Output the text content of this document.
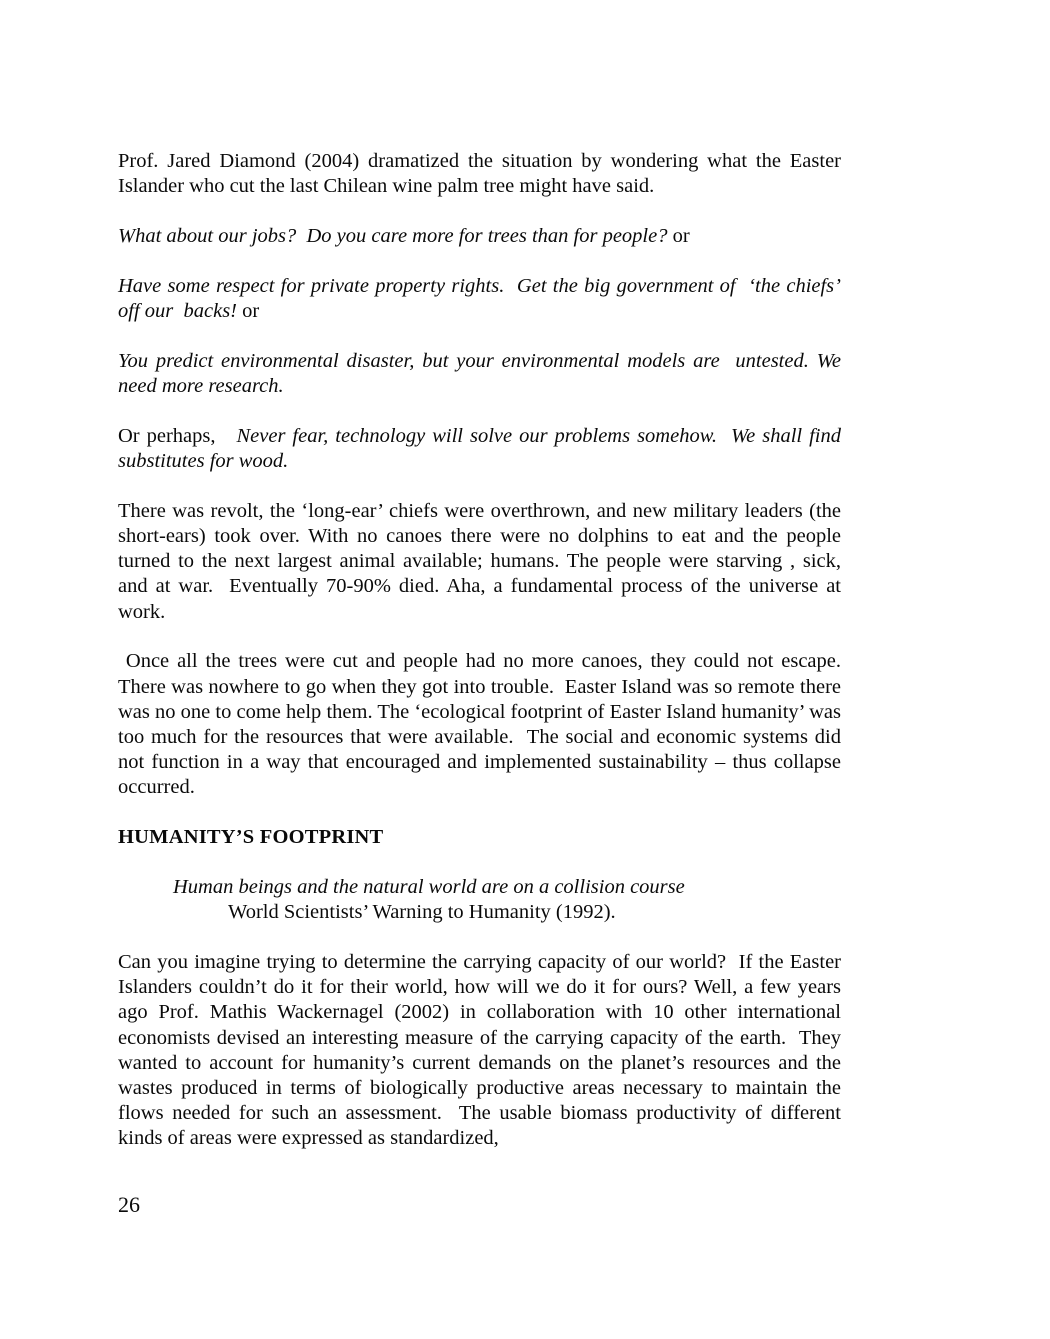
Prof. Jared Diamond (2004) dramatized the situation by wondering what the Easter Islander who cut the last Chilean wine palm tree might have said.

What about our jobs?  Do you care more for trees than for people? or

Have some respect for private property rights.  Get the big government of  ‘the chiefs’ off our  backs! or

You predict environmental disaster, but your environmental models are  untested. We need more research.

Or perhaps,   Never fear, technology will solve our problems somehow.  We shall find substitutes for wood.

There was revolt, the ‘long-ear’ chiefs were overthrown, and new military leaders (the short-ears) took over. With no canoes there were no dolphins to eat and the people turned to the next largest animal available; humans. The people were starving , sick, and at war.  Eventually 70-90% died. Aha, a fundamental process of the universe at work.

Once all the trees were cut and people had no more canoes, they could not escape. There was nowhere to go when they got into trouble.  Easter Island was so remote there was no one to come help them. The ‘ecological footprint of Easter Island humanity’ was too much for the resources that were available.  The social and economic systems did not function in a way that encouraged and implemented sustainability – thus collapse occurred.

HUMANITY’S FOOTPRINT
Human beings and the natural world are on a collision course
World Scientists’ Warning to Humanity (1992).

Can you imagine trying to determine the carrying capacity of our world?  If the Easter Islanders couldn’t do it for their world, how will we do it for ours? Well, a few years ago Prof. Mathis Wackernagel (2002) in collaboration with 10 other international economists devised an interesting measure of the carrying capacity of the earth.  They wanted to account for humanity’s current demands on the planet’s resources and the wastes produced in terms of biologically productive areas necessary to maintain the flows needed for such an assessment.  The usable biomass productivity of different kinds of areas were expressed as standardized,

26
